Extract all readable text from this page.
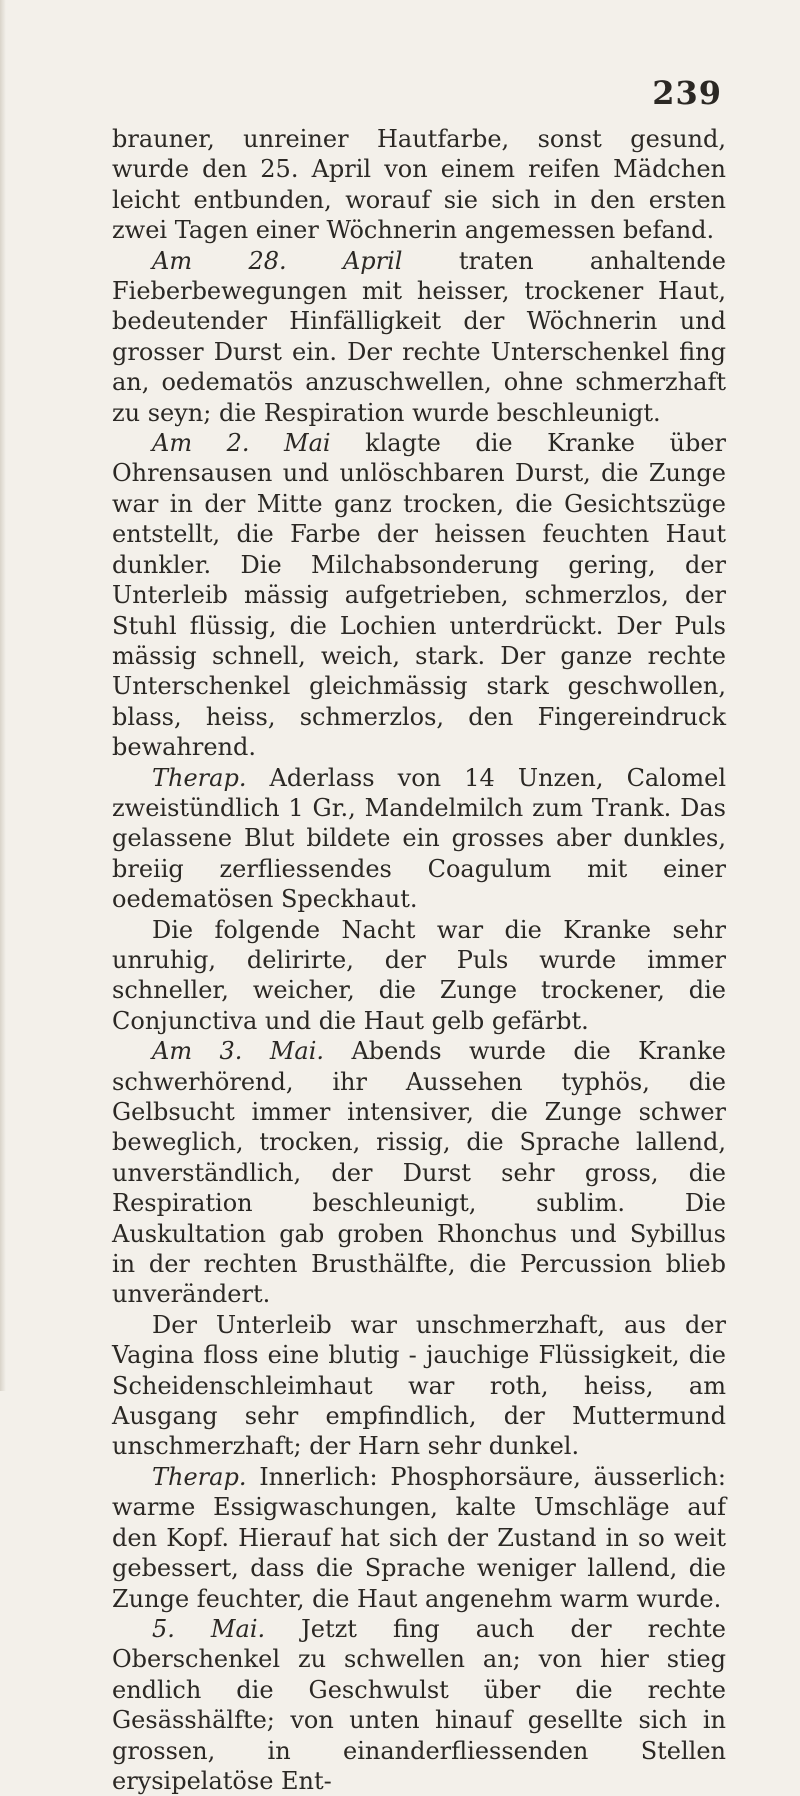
239

brauner, unreiner Hautfarbe, sonst gesund, wurde den 25. April von einem reifen Mädchen leicht entbunden, worauf sie sich in den ersten zwei Tagen einer Wöchnerin angemessen befand.

Am 28. April traten anhaltende Fieberbewegungen mit heisser, trockener Haut, bedeutender Hinfälligkeit der Wöchnerin und grosser Durst ein. Der rechte Unterschenkel fing an, oedematös anzuschwellen, ohne schmerzhaft zu seyn; die Respiration wurde beschleunigt.

Am 2. Mai klagte die Kranke über Ohrensausen und unlöschbaren Durst, die Zunge war in der Mitte ganz trocken, die Gesichtszüge entstellt, die Farbe der heissen feuchten Haut dunkler. Die Milchabsonderung gering, der Unterleib mässig aufgetrieben, schmerzlos, der Stuhl flüssig, die Lochien unterdrückt. Der Puls mässig schnell, weich, stark. Der ganze rechte Unterschenkel gleichmässig stark geschwollen, blass, heiss, schmerzlos, den Fingereindruck bewahrend.

Therap. Aderlass von 14 Unzen, Calomel zweistündlich 1 Gr., Mandelmilch zum Trank. Das gelassene Blut bildete ein grosses aber dunkles, breiig zerfliessendes Coagulum mit einer oedematösen Speckhaut.

Die folgende Nacht war die Kranke sehr unruhig, delirirte, der Puls wurde immer schneller, weicher, die Zunge trockener, die Conjunctiva und die Haut gelb gefärbt.

Am 3. Mai. Abends wurde die Kranke schwerhörend, ihr Aussehen typhös, die Gelbsucht immer intensiver, die Zunge schwer beweglich, trocken, rissig, die Sprache lallend, unverständlich, der Durst sehr gross, die Respiration beschleunigt, sublim. Die Auskultation gab groben Rhonchus und Sybillus in der rechten Brusthälfte, die Percussion blieb unverändert.

Der Unterleib war unschmerzhaft, aus der Vagina floss eine blutig - jauchige Flüssigkeit, die Scheidenschleimhaut war roth, heiss, am Ausgang sehr empfindlich, der Muttermund unschmerzhaft; der Harn sehr dunkel.

Therap. Innerlich: Phosphorsäure, äusserlich: warme Essigwaschungen, kalte Umschläge auf den Kopf. Hierauf hat sich der Zustand in so weit gebessert, dass die Sprache weniger lallend, die Zunge feuchter, die Haut angenehm warm wurde.

5. Mai. Jetzt fing auch der rechte Oberschenkel zu schwellen an; von hier stieg endlich die Geschwulst über die rechte Gesässhälfte; von unten hinauf gesellte sich in grossen, in einanderfliessenden Stellen erysipelatöse Ent-
